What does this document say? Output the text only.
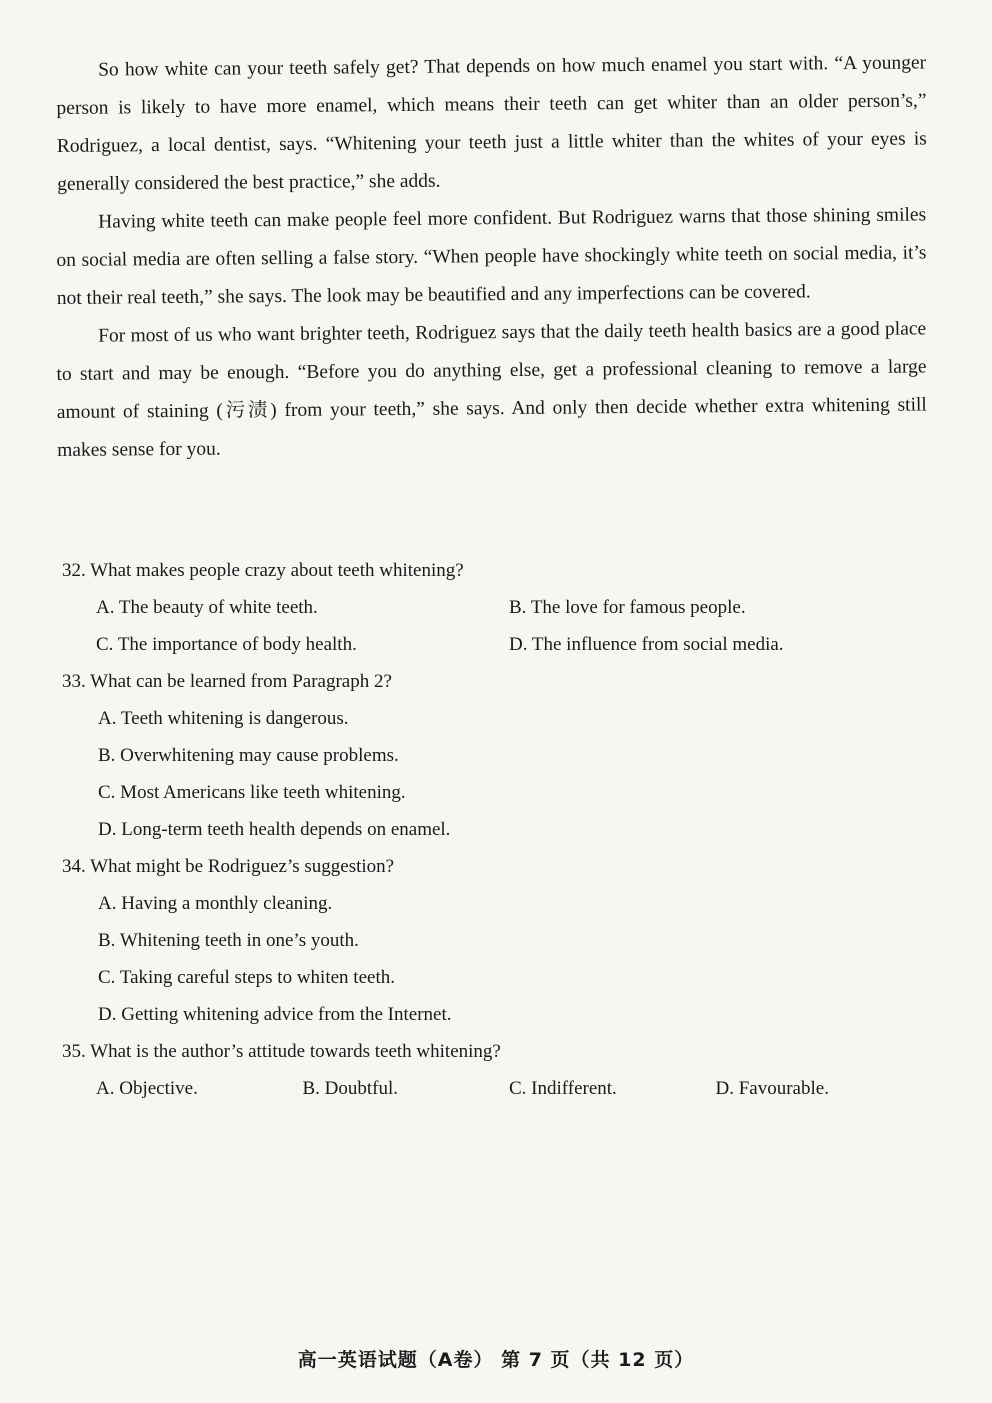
So how white can your teeth safely get? That depends on how much enamel you start with. “A younger person is likely to have more enamel, which means their teeth can get whiter than an older person’s,” Rodriguez, a local dentist, says. “Whitening your teeth just a little whiter than the whites of your eyes is generally considered the best practice,” she adds.

Having white teeth can make people feel more confident. But Rodriguez warns that those shining smiles on social media are often selling a false story. “When people have shockingly white teeth on social media, it’s not their real teeth,” she says. The look may be beautified and any imperfections can be covered.

For most of us who want brighter teeth, Rodriguez says that the daily teeth health basics are a good place to start and may be enough. “Before you do anything else, get a professional cleaning to remove a large amount of staining (污渍) from your teeth,” she says. And only then decide whether extra whitening still makes sense for you.

32. What makes people crazy about teeth whitening?
A. The beauty of white teeth.	B. The love for famous people.
C. The importance of body health.	D. The influence from social media.
33. What can be learned from Paragraph 2?
A. Teeth whitening is dangerous.
B. Overwhitening may cause problems.
C. Most Americans like teeth whitening.
D. Long-term teeth health depends on enamel.
34. What might be Rodriguez’s suggestion?
A. Having a monthly cleaning.
B. Whitening teeth in one’s youth.
C. Taking careful steps to whiten teeth.
D. Getting whitening advice from the Internet.
35. What is the author’s attitude towards teeth whitening?
A. Objective.	B. Doubtful.	C. Indifferent.	D. Favourable.
高一英语试题（A卷） 第 7 页（共 12 页）
